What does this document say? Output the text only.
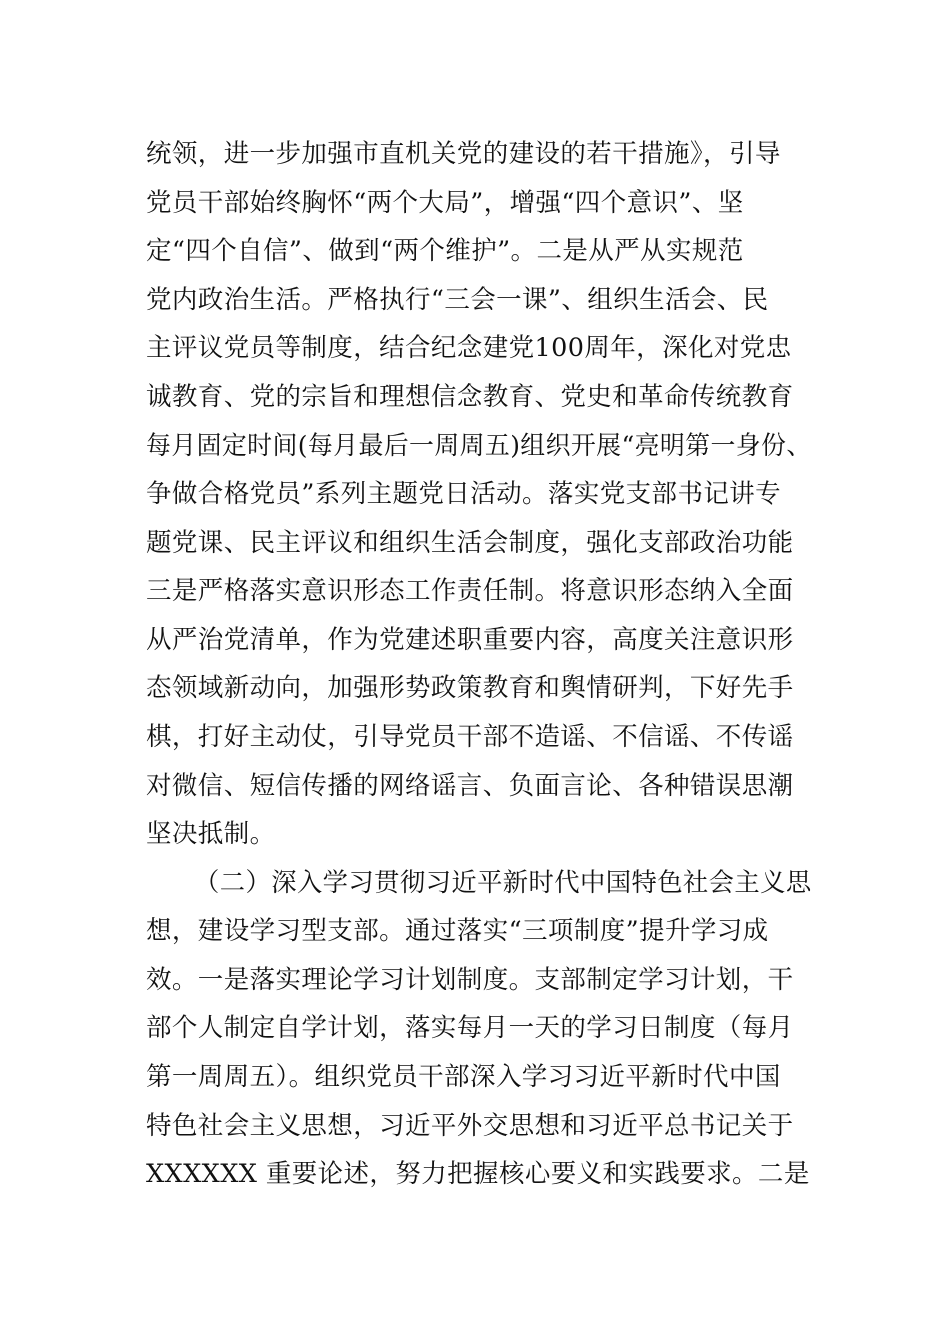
统领，进一步加强市直机关党的建设的若干措施》，引导
党员干部始终胸怀“两个大局”，增强“四个意识”、坚
定“四个自信”、做到“两个维护”。二是从严从实规范
党内政治生活。严格执行“三会一课”、组织生活会、民
主评议党员等制度，结合纪念建党100周年，深化对党忠
诚教育、党的宗旨和理想信念教育、党史和革命传统教育
每月固定时间(每月最后一周周五)组织开展“亮明第一身份、
争做合格党员”系列主题党日活动。落实党支部书记讲专
题党课、民主评议和组织生活会制度，强化支部政治功能
三是严格落实意识形态工作责任制。将意识形态纳入全面
从严治党清单，作为党建述职重要内容，高度关注意识形
态领域新动向，加强形势政策教育和舆情研判，下好先手
棋，打好主动仗，引导党员干部不造谣、不信谣、不传谣
对微信、短信传播的网络谣言、负面言论、各种错误思潮
坚决抵制。
（二）深入学习贯彻习近平新时代中国特色社会主义思
想，建设学习型支部。通过落实“三项制度”提升学习成
效。一是落实理论学习计划制度。支部制定学习计划，干
部个人制定自学计划，落实每月一天的学习日制度（每月
第一周周五）。组织党员干部深入学习习近平新时代中国
特色社会主义思想，习近平外交思想和习近平总书记关于
XXXXXX 重要论述，努力把握核心要义和实践要求。二是
